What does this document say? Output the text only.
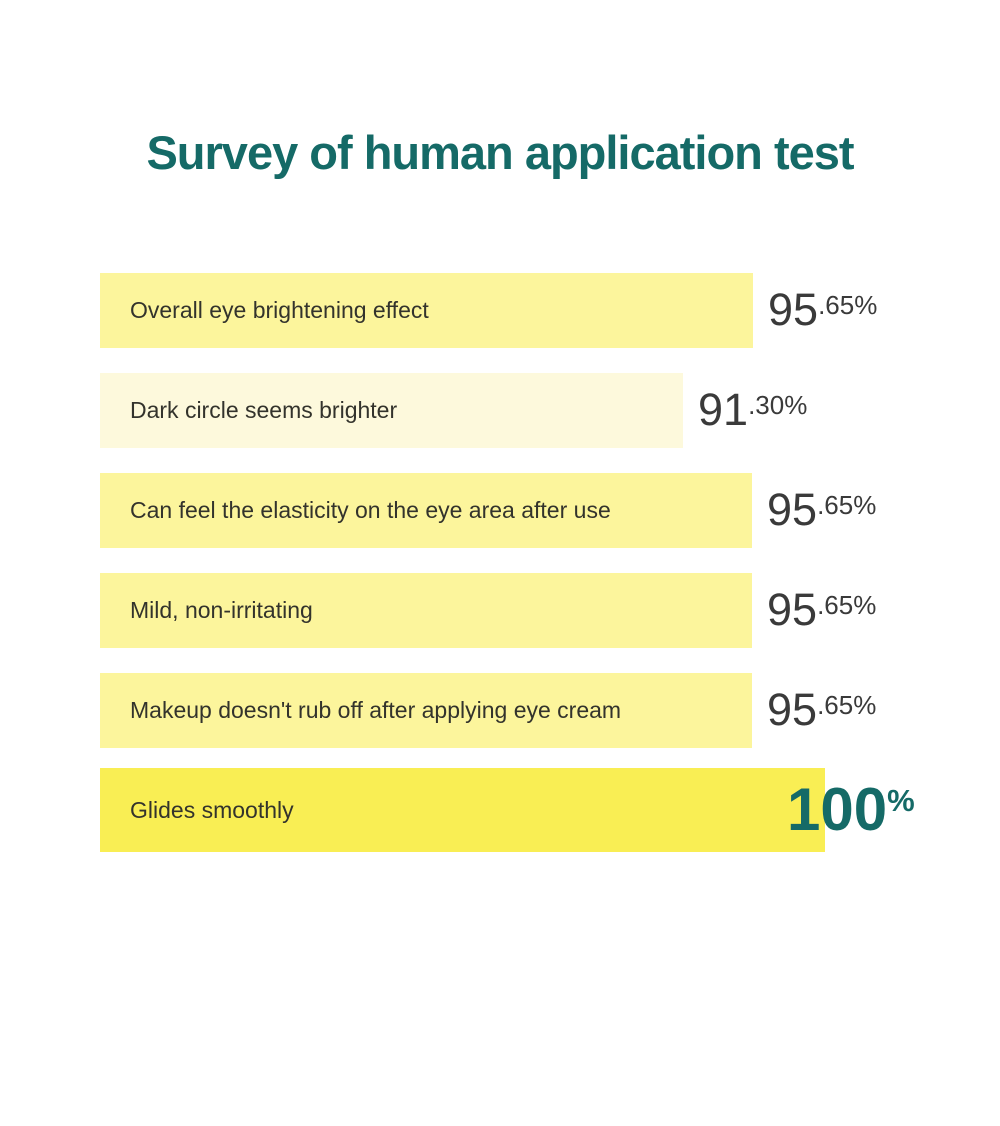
Survey of human application test
Overall eye brightening effect	95 .65%
Dark circle seems brighter	91 .30%
Can feel the elasticity on the eye area after use	95 .65%
Mild, non-irritating	95 .65%
Makeup doesn't rub off after applying eye cream	95 .65%
Glides smoothly	100 %
